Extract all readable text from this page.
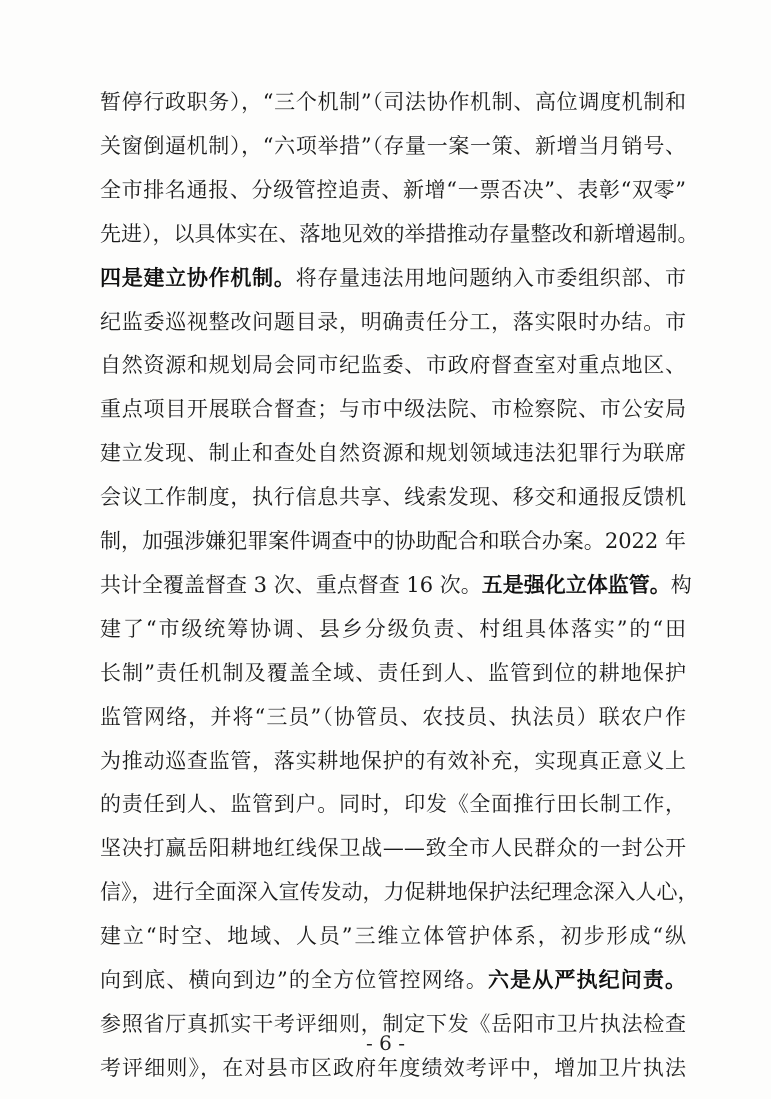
暂停行政职务），“三个机制”（司法协作机制、高位调度机制和
关窗倒逼机制），“六项举措”（存量一案一策、新增当月销号、
全市排名通报、分级管控追责、新增“一票否决”、表彰“双零”
先进），以具体实在、落地见效的举措推动存量整改和新增遏制。
四是建立协作机制。将存量违法用地问题纳入市委组织部、市
纪监委巡视整改问题目录，明确责任分工，落实限时办结。市
自然资源和规划局会同市纪监委、市政府督查室对重点地区、
重点项目开展联合督查；与市中级法院、市检察院、市公安局
建立发现、制止和查处自然资源和规划领域违法犯罪行为联席
会议工作制度，执行信息共享、线索发现、移交和通报反馈机
制，加强涉嫌犯罪案件调查中的协助配合和联合办案。2022 年
共计全覆盖督查 3 次、重点督查 16 次。五是强化立体监管。构
建了“市级统筹协调、县乡分级负责、村组具体落实”的“田
长制”责任机制及覆盖全域、责任到人、监管到位的耕地保护
监管网络，并将“三员”（协管员、农技员、执法员）联农户作
为推动巡查监管，落实耕地保护的有效补充，实现真正意义上
的责任到人、监管到户。同时，印发《全面推行田长制工作，
坚决打赢岳阳耕地红线保卫战——致全市人民群众的一封公开
信》，进行全面深入宣传发动，力促耕地保护法纪理念深入人心，
建立“时空、地域、人员”三维立体管护体系，初步形成“纵
向到底、横向到边”的全方位管控网络。六是从严执纪问责。
参照省厅真抓实干考评细则，制定下发《岳阳市卫片执法检查
考评细则》，在对县市区政府年度绩效考评中，增加卫片执法
- 6 -
